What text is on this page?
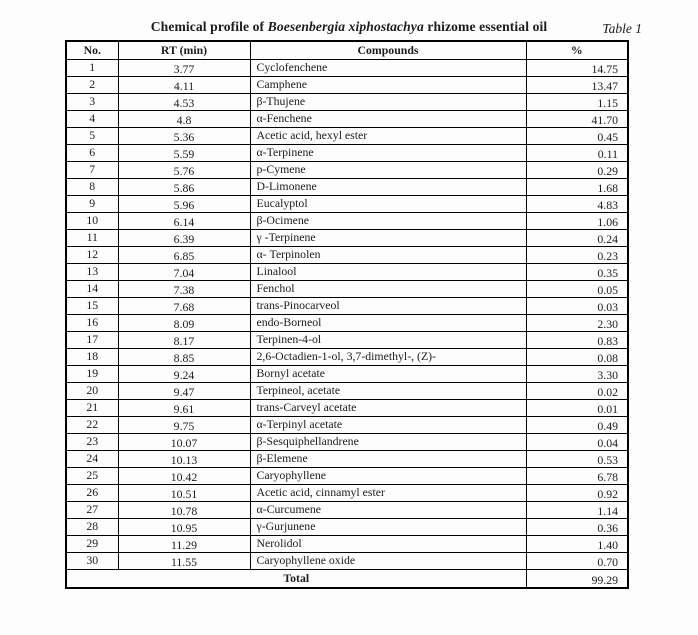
Table 1
Chemical profile of Boesenbergia xiphostachya rhizome essential oil
No.	RT (min)	Compounds	%
1	3.77	Cyclofenchene	14.75
2	4.11	Camphene	13.47
3	4.53	β-Thujene	1.15
4	4.8	α-Fenchene	41.70
5	5.36	Acetic acid, hexyl ester	0.45
6	5.59	α-Terpinene	0.11
7	5.76	p-Cymene	0.29
8	5.86	D-Limonene	1.68
9	5.96	Eucalyptol	4.83
10	6.14	β-Ocimene	1.06
11	6.39	γ -Terpinene	0.24
12	6.85	α- Terpinolen	0.23
13	7.04	Linalool	0.35
14	7.38	Fenchol	0.05
15	7.68	trans-Pinocarveol	0.03
16	8.09	endo-Borneol	2.30
17	8.17	Terpinen-4-ol	0.83
18	8.85	2,6-Octadien-1-ol, 3,7-dimethyl-, (Z)-	0.08
19	9.24	Bornyl acetate	3.30
20	9.47	Terpineol, acetate	0.02
21	9.61	trans-Carveyl acetate	0.01
22	9.75	α-Terpinyl acetate	0.49
23	10.07	β-Sesquiphellandrene	0.04
24	10.13	β-Elemene	0.53
25	10.42	Caryophyllene	6.78
26	10.51	Acetic acid, cinnamyl ester	0.92
27	10.78	α-Curcumene	1.14
28	10.95	γ-Gurjunene	0.36
29	11.29	Nerolidol	1.40
30	11.55	Caryophyllene oxide	0.70
Total			99.29
